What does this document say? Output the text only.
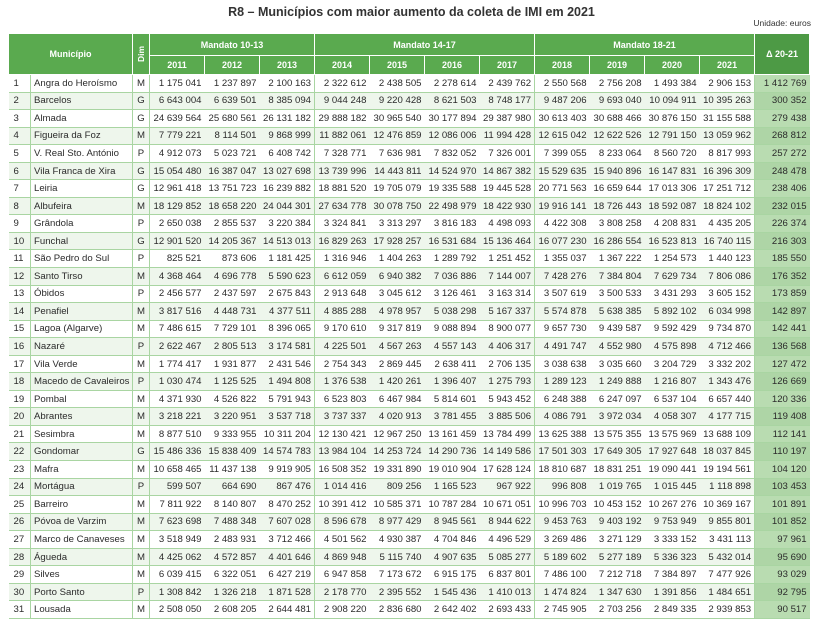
R8 – Municípios com maior aumento da coleta de IMI em 2021
Unidade: euros
Município		Dim	Mandato 10-13			Mandato 14-17				Mandato 18-21				Δ 20-21
			2011	2012	2013	2014	2015	2016	2017	2018	2019	2020	2021	
1	Angra do Heroísmo	M	1 175 041	1 237 897	2 100 163	2 322 612	2 438 505	2 278 614	2 439 762	2 550 568	2 756 208	1 493 384	2 906 153	1 412 769
2	Barcelos	G	6 643 004	6 639 501	8 385 094	9 044 248	9 220 428	8 621 503	8 748 177	9 487 206	9 693 040	10 094 911	10 395 263	300 352
3	Almada	G	24 639 564	25 680 561	26 131 182	29 888 182	30 965 540	30 177 894	29 387 980	30 613 403	30 688 466	30 876 150	31 155 588	279 438
4	Figueira da Foz	M	7 779 221	8 114 501	9 868 999	11 882 061	12 476 859	12 086 006	11 994 428	12 615 042	12 622 526	12 791 150	13 059 962	268 812
5	V. Real Sto. António	P	4 912 073	5 023 721	6 408 742	7 328 771	7 636 981	7 832 052	7 326 001	7 399 055	8 233 064	8 560 720	8 817 993	257 272
6	Vila Franca de Xira	G	15 054 480	16 387 047	13 027 698	13 739 996	14 443 811	14 524 970	14 867 382	15 529 635	15 940 896	16 147 831	16 396 309	248 478
7	Leiria	G	12 961 418	13 751 723	16 239 882	18 881 520	19 705 079	19 335 588	19 445 528	20 771 563	16 659 644	17 013 306	17 251 712	238 406
8	Albufeira	M	18 129 852	18 658 220	24 044 301	27 634 778	30 078 750	22 498 979	18 422 930	19 916 141	18 726 443	18 592 087	18 824 102	232 015
9	Grândola	P	2 650 038	2 855 537	3 220 384	3 324 841	3 313 297	3 816 183	4 498 093	4 422 308	3 808 258	4 208 831	4 435 205	226 374
10	Funchal	G	12 901 520	14 205 367	14 513 013	16 829 263	17 928 257	16 531 684	15 136 464	16 077 230	16 286 554	16 523 813	16 740 115	216 303
11	São Pedro do Sul	P	825 521	873 606	1 181 425	1 316 946	1 404 263	1 289 792	1 251 452	1 355 037	1 367 222	1 254 573	1 440 123	185 550
12	Santo Tirso	M	4 368 464	4 696 778	5 590 623	6 612 059	6 940 382	7 036 886	7 144 007	7 428 276	7 384 804	7 629 734	7 806 086	176 352
13	Óbidos	P	2 456 577	2 437 597	2 675 843	2 913 648	3 045 612	3 126 461	3 163 314	3 507 619	3 500 533	3 431 293	3 605 152	173 859
14	Penafiel	M	3 817 516	4 448 731	4 377 511	4 885 288	4 978 957	5 038 298	5 167 337	5 574 878	5 638 385	5 892 102	6 034 998	142 897
15	Lagoa (Algarve)	M	7 486 615	7 729 101	8 396 065	9 170 610	9 317 819	9 088 894	8 900 077	9 657 730	9 439 587	9 592 429	9 734 870	142 441
16	Nazaré	P	2 622 467	2 805 513	3 174 581	4 225 501	4 567 263	4 557 143	4 406 317	4 491 747	4 552 980	4 575 898	4 712 466	136 568
17	Vila Verde	M	1 774 417	1 931 877	2 431 546	2 754 343	2 869 445	2 638 411	2 706 135	3 038 638	3 035 660	3 204 729	3 332 202	127 472
18	Macedo de Cavaleiros	P	1 030 474	1 125 525	1 494 808	1 376 538	1 420 261	1 396 407	1 275 793	1 289 123	1 249 888	1 216 807	1 343 476	126 669
19	Pombal	M	4 371 930	4 526 822	5 791 943	6 523 803	6 467 984	5 814 601	5 943 452	6 248 388	6 247 097	6 537 104	6 657 440	120 336
20	Abrantes	M	3 218 221	3 220 951	3 537 718	3 737 337	4 020 913	3 781 455	3 885 506	4 086 791	3 972 034	4 058 307	4 177 715	119 408
21	Sesimbra	M	8 877 510	9 333 955	10 311 204	12 130 421	12 967 250	13 161 459	13 784 499	13 625 388	13 575 355	13 575 969	13 688 109	112 141
22	Gondomar	G	15 486 336	15 838 409	14 574 783	13 984 104	14 253 724	14 290 736	14 149 586	17 501 303	17 649 305	17 927 648	18 037 845	110 197
23	Mafra	M	10 658 465	11 437 138	9 919 905	16 508 352	19 331 890	19 010 904	17 628 124	18 810 687	18 831 251	19 090 441	19 194 561	104 120
24	Mortágua	P	599 507	664 690	867 476	1 014 416	809 256	1 165 523	967 922	996 808	1 019 765	1 015 445	1 118 898	103 453
25	Barreiro	M	7 811 922	8 140 807	8 470 252	10 391 412	10 585 371	10 787 284	10 671 051	10 996 703	10 453 152	10 267 276	10 369 167	101 891
26	Póvoa de Varzim	M	7 623 698	7 488 348	7 607 028	8 596 678	8 977 429	8 945 561	8 944 622	9 453 763	9 403 192	9 753 949	9 855 801	101 852
27	Marco de Canaveses	M	3 518 949	2 483 931	3 712 466	4 501 562	4 930 387	4 704 846	4 496 529	3 269 486	3 271 129	3 333 152	3 431 113	97 961
28	Águeda	M	4 425 062	4 572 857	4 401 646	4 869 948	5 115 740	4 907 635	5 085 277	5 189 602	5 277 189	5 336 323	5 432 014	95 690
29	Silves	M	6 039 415	6 322 051	6 427 219	6 947 858	7 173 672	6 915 175	6 837 801	7 486 100	7 212 718	7 384 897	7 477 926	93 029
30	Porto Santo	P	1 308 842	1 326 218	1 871 528	2 178 770	2 395 552	1 545 436	1 410 013	1 474 824	1 347 630	1 391 856	1 484 651	92 795
31	Lousada	M	2 508 050	2 608 205	2 644 481	2 908 220	2 836 680	2 642 402	2 693 433	2 745 905	2 703 256	2 849 335	2 939 853	90 517
